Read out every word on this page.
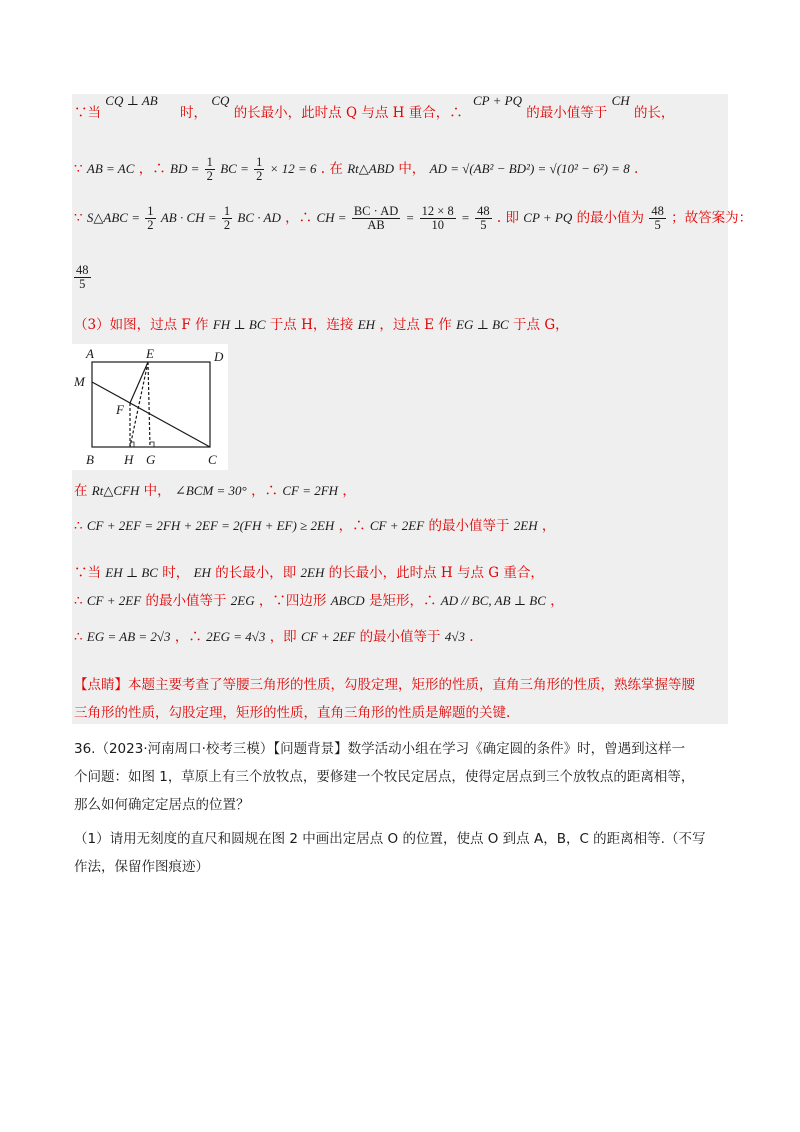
∵当 CQ ⊥ AB 时， CQ 的长最小，此时点 Q 与点 H 重合，∴ CP + PQ 的最小值等于 CH 的长，
∵ AB = AC ，∴ BD = $\frac{1}{2}$ BC = $\frac{1}{2} \times 12 = 6$ . 在 Rt△ABD 中， AD = √(AB² − BD²) = √(10² − 6²) = 8 .
∵ S△ABC = $\frac{1}{2}$ AB · CH = $\frac{1}{2}$ BC · AD ，∴ CH = $\frac{BC \cdot AD}{AB} = \frac{12 \times 8}{10} = \frac{48}{5}$ . 即 CP + PQ 的最小值为 $\frac{48}{5}$ ；故答案为：
$\frac{48}{5}$
（3）如图，过点 F 作 FH ⊥ BC 于点 H，连接 EH ，过点 E 作 EG ⊥ BC 于点 G，
A	E	D
M
F
B H G	C
在 Rt△CFH 中， ∠BCM = 30° ，∴ CF = 2FH ，
∴ CF + 2EF = 2FH + 2EF = 2(FH + EF) ≥ 2EH ，∴ CF + 2EF 的最小值等于 2EH ，
∵当 EH ⊥ BC 时， EH 的长最小，即 2EH 的长最小，此时点 H 与点 G 重合，
∴ CF + 2EF 的最小值等于 2EG ，∵四边形 ABCD 是矩形，∴ AD // BC, AB ⊥ BC ，
∴ EG = AB = 2√3 ，∴ 2EG = 4√3 ，即 CF + 2EF 的最小值等于 4√3 .
【点睛】本题主要考查了等腰三角形的性质，勾股定理，矩形的性质，直角三角形的性质，熟练掌握等腰
三角形的性质，勾股定理，矩形的性质，直角三角形的性质是解题的关键.
36.（2023·河南周口·校考三模）【问题背景】数学活动小组在学习《确定圆的条件》时，曾遇到这样一
个问题：如图 1，草原上有三个放牧点，要修建一个牧民定居点，使得定居点到三个放牧点的距离相等，
那么如何确定定居点的位置？
（1）请用无刻度的直尺和圆规在图 2 中画出定居点 O 的位置，使点 O 到点 A，B，C 的距离相等.（不写
作法，保留作图痕迹）
